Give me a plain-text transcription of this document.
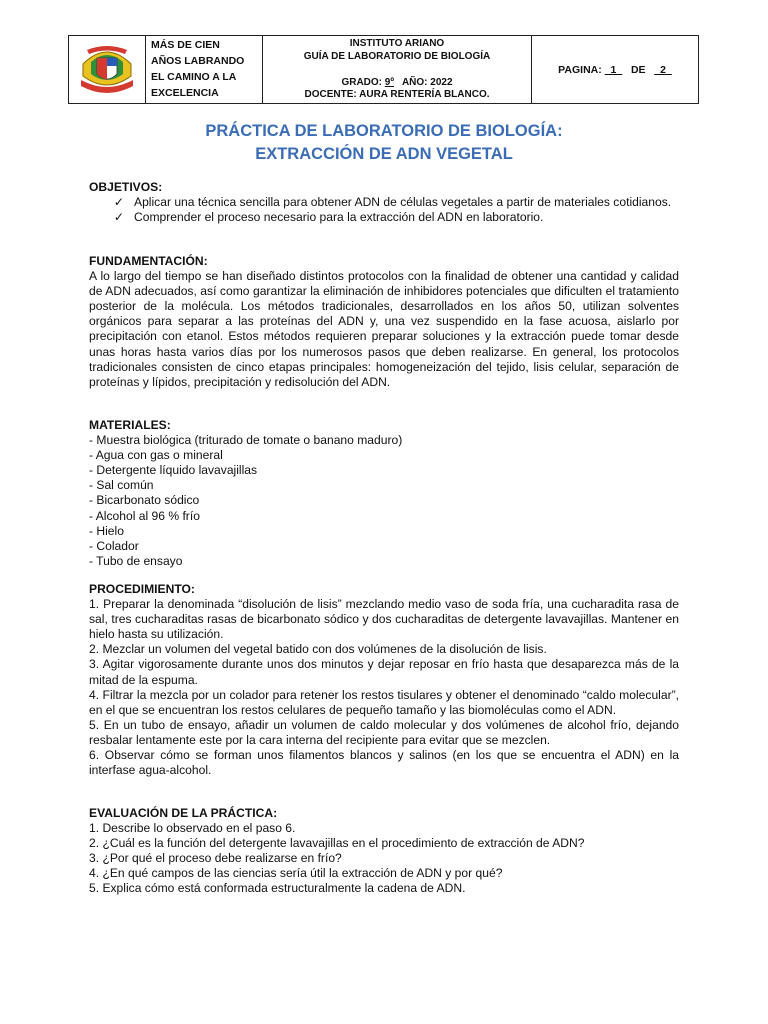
MÁS DE CIEN
AÑOS LABRANDO
EL CAMINO A LA
EXCELENCIA
INSTITUTO ARIANO
GUÍA DE LABORATORIO DE BIOLOGÍA
GRADO: 9º   AÑO: 2022
DOCENTE: AURA RENTERÍA BLANCO.
PAGINA: _1_ DE _2_
PRÁCTICA DE LABORATORIO DE BIOLOGÍA:
EXTRACCIÓN DE ADN VEGETAL
OBJETIVOS:
✓ Aplicar una técnica sencilla para obtener ADN de células vegetales a partir de materiales cotidianos.
✓ Comprender el proceso necesario para la extracción del ADN en laboratorio.
FUNDAMENTACIÓN:
A lo largo del tiempo se han diseñado distintos protocolos con la finalidad de obtener una cantidad y calidad de ADN adecuados, así como garantizar la eliminación de inhibidores potenciales que dificulten el tratamiento posterior de la molécula. Los métodos tradicionales, desarrollados en los años 50, utilizan solventes orgánicos para separar a las proteínas del ADN y, una vez suspendido en la fase acuosa, aislarlo por precipitación con etanol. Estos métodos requieren preparar soluciones y la extracción puede tomar desde unas horas hasta varios días por los numerosos pasos que deben realizarse. En general, los protocolos tradicionales consisten de cinco etapas principales: homogeneización del tejido, lisis celular, separación de proteínas y lípidos, precipitación y redisolución del ADN.
MATERIALES:
- Muestra biológica (triturado de tomate o banano maduro)
- Agua con gas o mineral
- Detergente líquido lavavajillas
- Sal común
- Bicarbonato sódico
- Alcohol al 96 % frío
- Hielo
- Colador
- Tubo de ensayo
PROCEDIMIENTO:
1. Preparar la denominada “disolución de lisis” mezclando medio vaso de soda fría, una cucharadita rasa de sal, tres cucharaditas rasas de bicarbonato sódico y dos cucharaditas de detergente lavavajillas. Mantener en hielo hasta su utilización.
2. Mezclar un volumen del vegetal batido con dos volúmenes de la disolución de lisis.
3. Agitar vigorosamente durante unos dos minutos y dejar reposar en frío hasta que desaparezca más de la mitad de la espuma.
4. Filtrar la mezcla por un colador para retener los restos tisulares y obtener el denominado “caldo molecular”, en el que se encuentran los restos celulares de pequeño tamaño y las biomoléculas como el ADN.
5. En un tubo de ensayo, añadir un volumen de caldo molecular y dos volúmenes de alcohol frío, dejando resbalar lentamente este por la cara interna del recipiente para evitar que se mezclen.
6. Observar cómo se forman unos filamentos blancos y salinos (en los que se encuentra el ADN) en la interfase agua-alcohol.
EVALUACIÓN DE LA PRÁCTICA:
1. Describe lo observado en el paso 6.
2. ¿Cuál es la función del detergente lavavajillas en el procedimiento de extracción de ADN?
3. ¿Por qué el proceso debe realizarse en frío?
4. ¿En qué campos de las ciencias sería útil la extracción de ADN y por qué?
5. Explica cómo está conformada estructuralmente la cadena de ADN.
